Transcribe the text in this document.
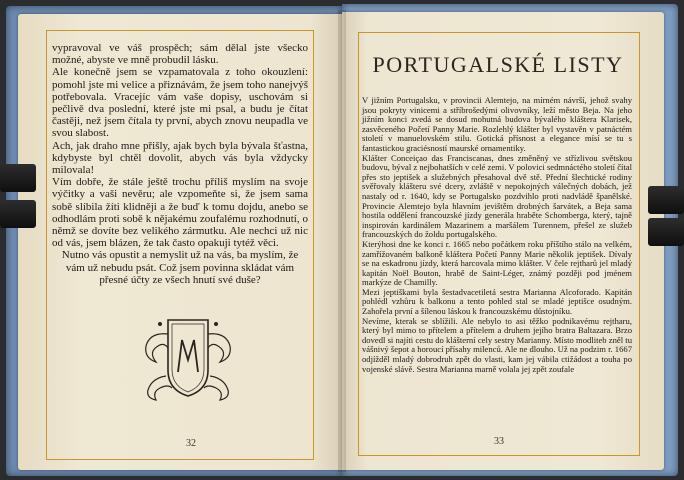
vypravoval ve váš prospěch; sám dělal jste všecko možné, abyste ve mně probudil lásku.

Ale konečně jsem se vzpamatovala z toho okouzlení: pomohl jste mi velice a přiznávám, že jsem toho nanejvýš potřebovala. Vracejíc vám vaše dopisy, uschovám si pečlivě dva poslední, které jste mi psal, a budu je čítat častěji, než jsem čítala ty první, abych znovu neupadla ve svou slabost.

Ach, jak draho mne přišly, ajak bych byla bývala šťastna, kdybyste byl chtěl dovolit, abych vás byla vždycky milovala!

Vím dobře, že stále ještě trochu příliš myslím na svoje výčitky a vaši nevěru; ale vzpomeňte si, že jsem sama sobě slíbila žíti klidněji a že buď k tomu dojdu, anebo se odhodlám proti sobě k nějakému zoufalému rozhodnutí, o němž se dovíte bez velikého zármutku. Ale nechci už nic od vás, jsem blázen, že tak často opakuji tytéž věci.

Nutno vás opustit a nemyslit už na vás, ba myslím, že vám už nebudu psát. Což jsem povinna skládat vám přesné účty ze všech hnutí své duše?

32
PORTUGALSKÉ LISTY

V jižním Portugalsku, v provincii Alemtejo, na mírném návrší, jehož svahy jsou pokryty vinicemi a stříbrošedými olivovníky, leží město Beja. Na jeho jižním konci zvedá se dosud mohutná budova bývalého kláštera Klarisek, zasvěceného Početí Panny Marie. Rozlehlý klášter byl vystavěn v patnáctém století v manuelovském stilu. Gotická přísnost a elegance mísí se tu s fantastickou graciésností maurské ornamentiky.

Klášter Conceiçao das Franciscanas, dnes změněný ve střízlivou světskou budovu, býval z nejbohatších v celé zemi. V polovici sedmnáctého století čítal přes sto jeptišek a služebných přesahoval dvě stě. Přední šlechtické rodiny svěřovaly klášteru své dcery, zvláště v nepokojných válečných dobách, jež nastaly od r. 1640, kdy se Portugalsko pozdvihlo proti nadvládě španělské. Provincie Alemtejo byla hlavním jevištěm drobných šarvátek, a Beja sama hostila oddělení francouzské jízdy generála hraběte Schomberga, který, tajně inspirován kardinálem Mazarinem a maršálem Turennem, přešel ze služeb francouzských do žoldu portugalského.

Kterýhosi dne ke konci r. 1665 nebo počátkem roku příštího stálo na velkém, zamřížovaném balkoně kláštera Početí Panny Marie několik jeptišek. Dívaly se na eskadronu jízdy, která harcovala mimo klášter. V čele rejtharů jel mladý kapitán Noël Bouton, hrabě de Saint-Léger, známý později pod jménem markýze de Chamilly.

Mezi jeptiškami byla šestadvacetiletá sestra Marianna Alcoforado. Kapitán pohlédl vzhůru k balkonu a tento pohled stal se mladé jeptišce osudným. Zahořela první a šílenou láskou k francouzskému důstojníku.

Nevíme, kterak se sblížili. Ale nebylo to asi těžko podnikavému rejtharu, který byl mimo to přítelem a přítelem a druhem jejího bratra Baltazara. Brzo dovedl si najíti cestu do klášterní cely sestry Marianny. Místo modliteb zněl tu vášnivý šepot a horoucí přísahy milenců. Ale ne dlouho. Už na podzim r. 1667 odjížděl mladý dobrodruh zpět do vlasti, kam jej vábila ctižádost a touha po vojenské slávě. Sestra Marianna marně volala jej zpět zoufale

33
